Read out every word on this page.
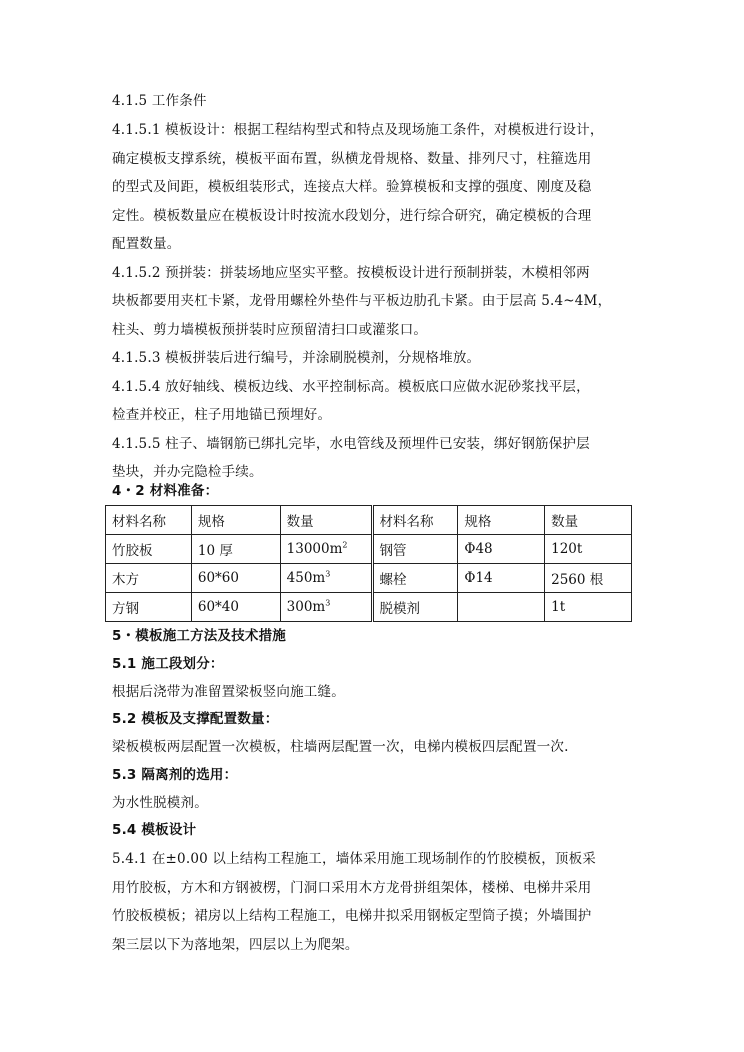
4.1.5 工作条件
4.1.5.1 模板设计：根据工程结构型式和特点及现场施工条件，对模板进行设计，
确定模板支撑系统，模板平面布置，纵横龙骨规格、数量、排列尺寸，柱箍选用
的型式及间距，模板组装形式，连接点大样。验算模板和支撑的强度、刚度及稳
定性。模板数量应在模板设计时按流水段划分，进行综合研究，确定模板的合理
配置数量。
4.1.5.2 预拼装：拼装场地应坚实平整。按模板设计进行预制拼装，木模相邻两
块板都要用夹杠卡紧，龙骨用螺栓外垫件与平板边肋孔卡紧。由于层高 5.4~4M，
柱头、剪力墙模板预拼装时应预留清扫口或灌浆口。
4.1.5.3 模板拼装后进行编号，并涂刷脱模剂，分规格堆放。
4.1.5.4 放好轴线、模板边线、水平控制标高。模板底口应做水泥砂浆找平层，
检查并校正，柱子用地锚已预埋好。
4.1.5.5 柱子、墙钢筋已绑扎完毕，水电管线及预埋件已安装，绑好钢筋保护层
垫块，并办完隐检手续。
4・2 材料准备：
材料名称	规格	数量	材料名称	规格	数量
竹胶板	10 厚	$13000m^2$	钢管	Φ48	120t
木方	60*60	$450m^3$	螺栓	Φ14	2560 根
方钢	60*40	$300m^3$	脱模剂		1t
5・模板施工方法及技术措施
5.1 施工段划分：
根据后浇带为准留置梁板竖向施工缝。
5.2 模板及支撑配置数量：
梁板模板两层配置一次模板，柱墙两层配置一次，电梯内模板四层配置一次.
5.3 隔离剂的选用：
为水性脱模剂。
5.4 模板设计
5.4.1 在±0.00 以上结构工程施工，墙体采用施工现场制作的竹胶模板，顶板采
用竹胶板，方木和方钢被楞，门洞口采用木方龙骨拼组架体，楼梯、电梯井采用
竹胶板模板；裙房以上结构工程施工，电梯井拟采用钢板定型筒子摸；外墙围护
架三层以下为落地架，四层以上为爬架。
